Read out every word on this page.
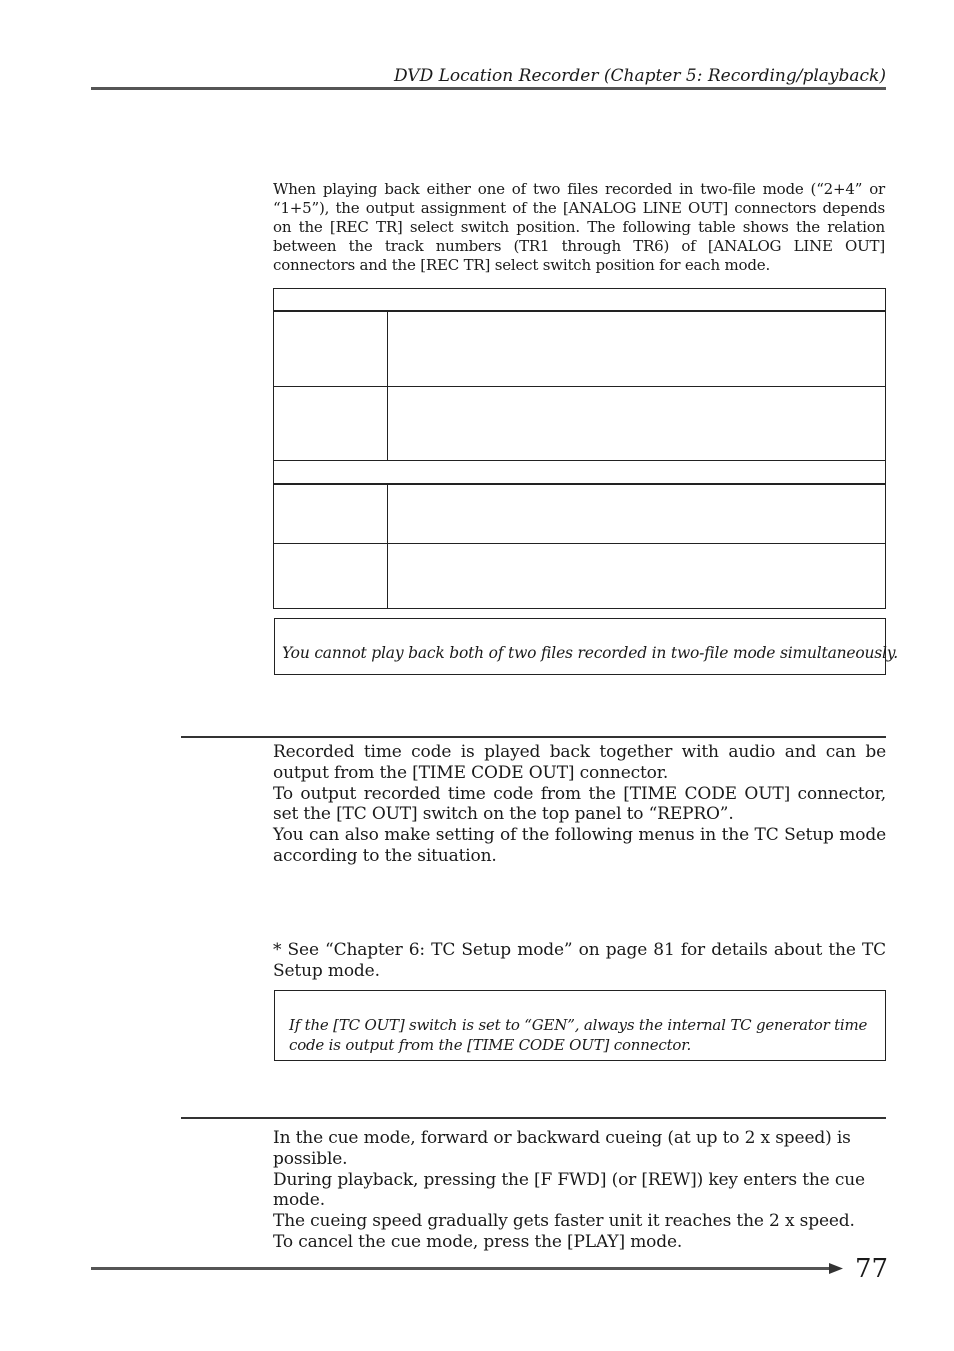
DVD Location Recorder (Chapter 5: Recording/playback)
When playing back either one of two files recorded in two-file mode (“2+4” or “1+5”), the output assignment of the [ANALOG LINE OUT] connectors depends on the [REC TR] select switch position. The following table shows the relation between the track numbers (TR1 through TR6) of [ANALOG LINE OUT] connectors and the [REC TR] select switch position for each mode.
You cannot play back both of two files recorded in two-file mode simultaneously.

Recorded time code is played back together with audio and can be output from the [TIME CODE OUT] connector.

To output recorded time code from the [TIME CODE OUT] connector, set the [TC OUT] switch on the top panel to “REPRO”.

You can also make setting of the following menus in the TC Setup mode according to the situation.

* See “Chapter 6: TC Setup mode” on page 81 for details about the TC Setup mode.
If the [TC OUT] switch is set to “GEN”, always the internal TC generator time code is output from the [TIME CODE OUT] connector.

In the cue mode, forward or backward cueing (at up to 2 x speed) is possible.

During playback, pressing the [F FWD] (or [REW]) key enters the cue mode.

The cueing speed gradually gets faster unit it reaches the 2 x speed.

To cancel the cue mode, press the [PLAY] mode.

77
